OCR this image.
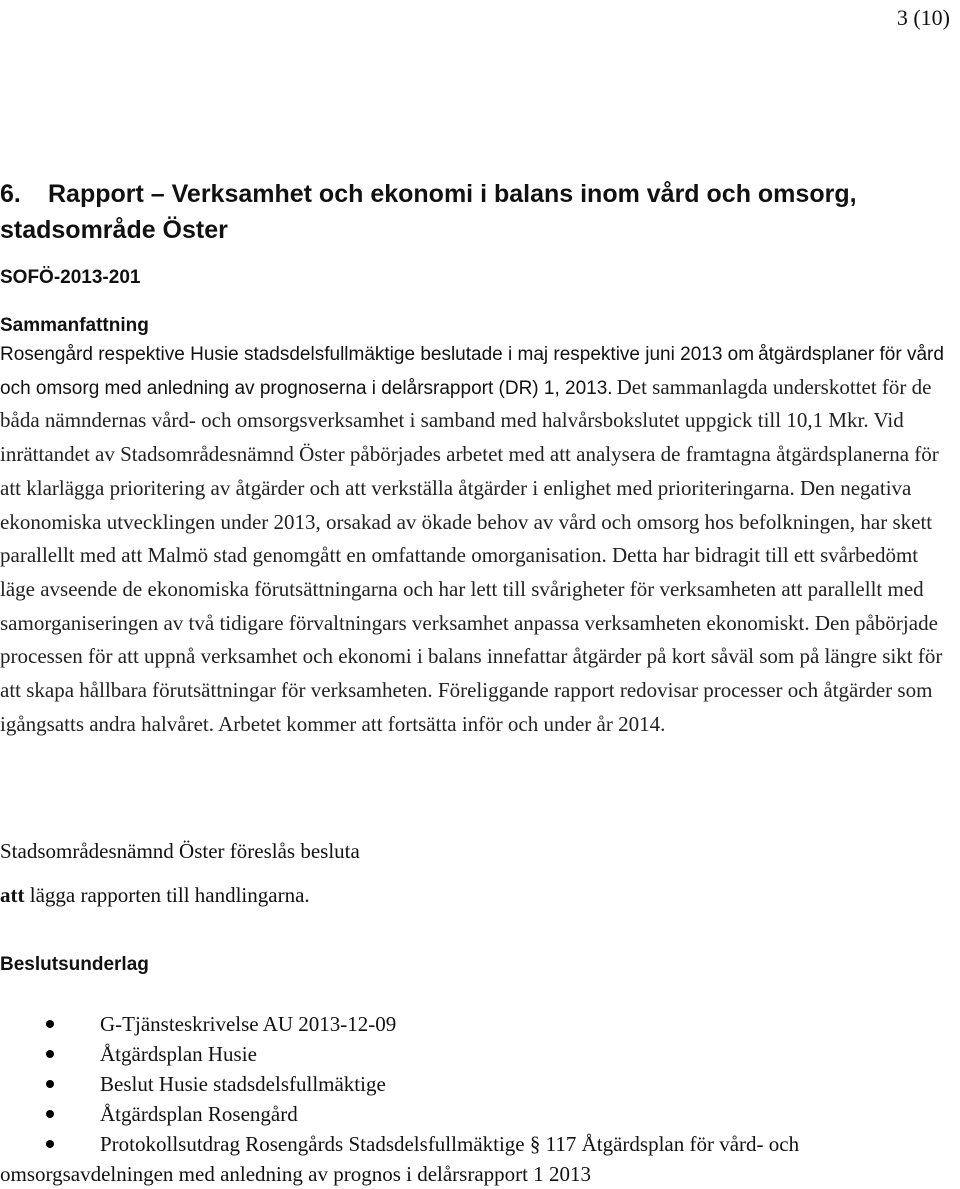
3 (10)

6. Rapport – Verksamhet och ekonomi i balans inom vård och omsorg, stadsområde Öster

SOFÖ-2013-201

Sammanfattning

Rosengård respektive Husie stadsdelsfullmäktige beslutade i maj respektive juni 2013 om åtgärdsplaner för vård och omsorg med anledning av prognoserna i delårsrapport (DR) 1, 2013. Det sammanlagda underskottet för de båda nämndernas vård- och omsorgsverksamhet i samband med halvårsbokslutet uppgick till 10,1 Mkr. Vid inrättandet av Stadsområdesnämnd Öster påbörjades arbetet med att analysera de framtagna åtgärdsplanerna för att klarlägga prioritering av åtgärder och att verkställa åtgärder i enlighet med prioriteringarna. Den negativa ekonomiska utvecklingen under 2013, orsakad av ökade behov av vård och omsorg hos befolkningen, har skett parallellt med att Malmö stad genomgått en omfattande omorganisation. Detta har bidragit till ett svårbedömt läge avseende de ekonomiska förutsättningarna och har lett till svårigheter för verksamheten att parallellt med samorganiseringen av två tidigare förvaltningars verksamhet anpassa verksamheten ekonomiskt. Den påbörjade processen för att uppnå verksamhet och ekonomi i balans innefattar åtgärder på kort såväl som på längre sikt för att skapa hållbara förutsättningar för verksamheten. Föreliggande rapport redovisar processer och åtgärder som igångsatts andra halvåret. Arbetet kommer att fortsätta inför och under år 2014.

Stadsområdesnämnd Öster föreslås besluta

att lägga rapporten till handlingarna.

Beslutsunderlag

G-Tjänsteskrivelse AU 2013-12-09
Åtgärdsplan Husie
Beslut Husie stadsdelsfullmäktige
Åtgärdsplan Rosengård
Protokollsutdrag Rosengårds Stadsdelsfullmäktige § 117 Åtgärdsplan för vård- och omsorgsavdelningen med anledning av prognos i delårsrapport 1 2013
